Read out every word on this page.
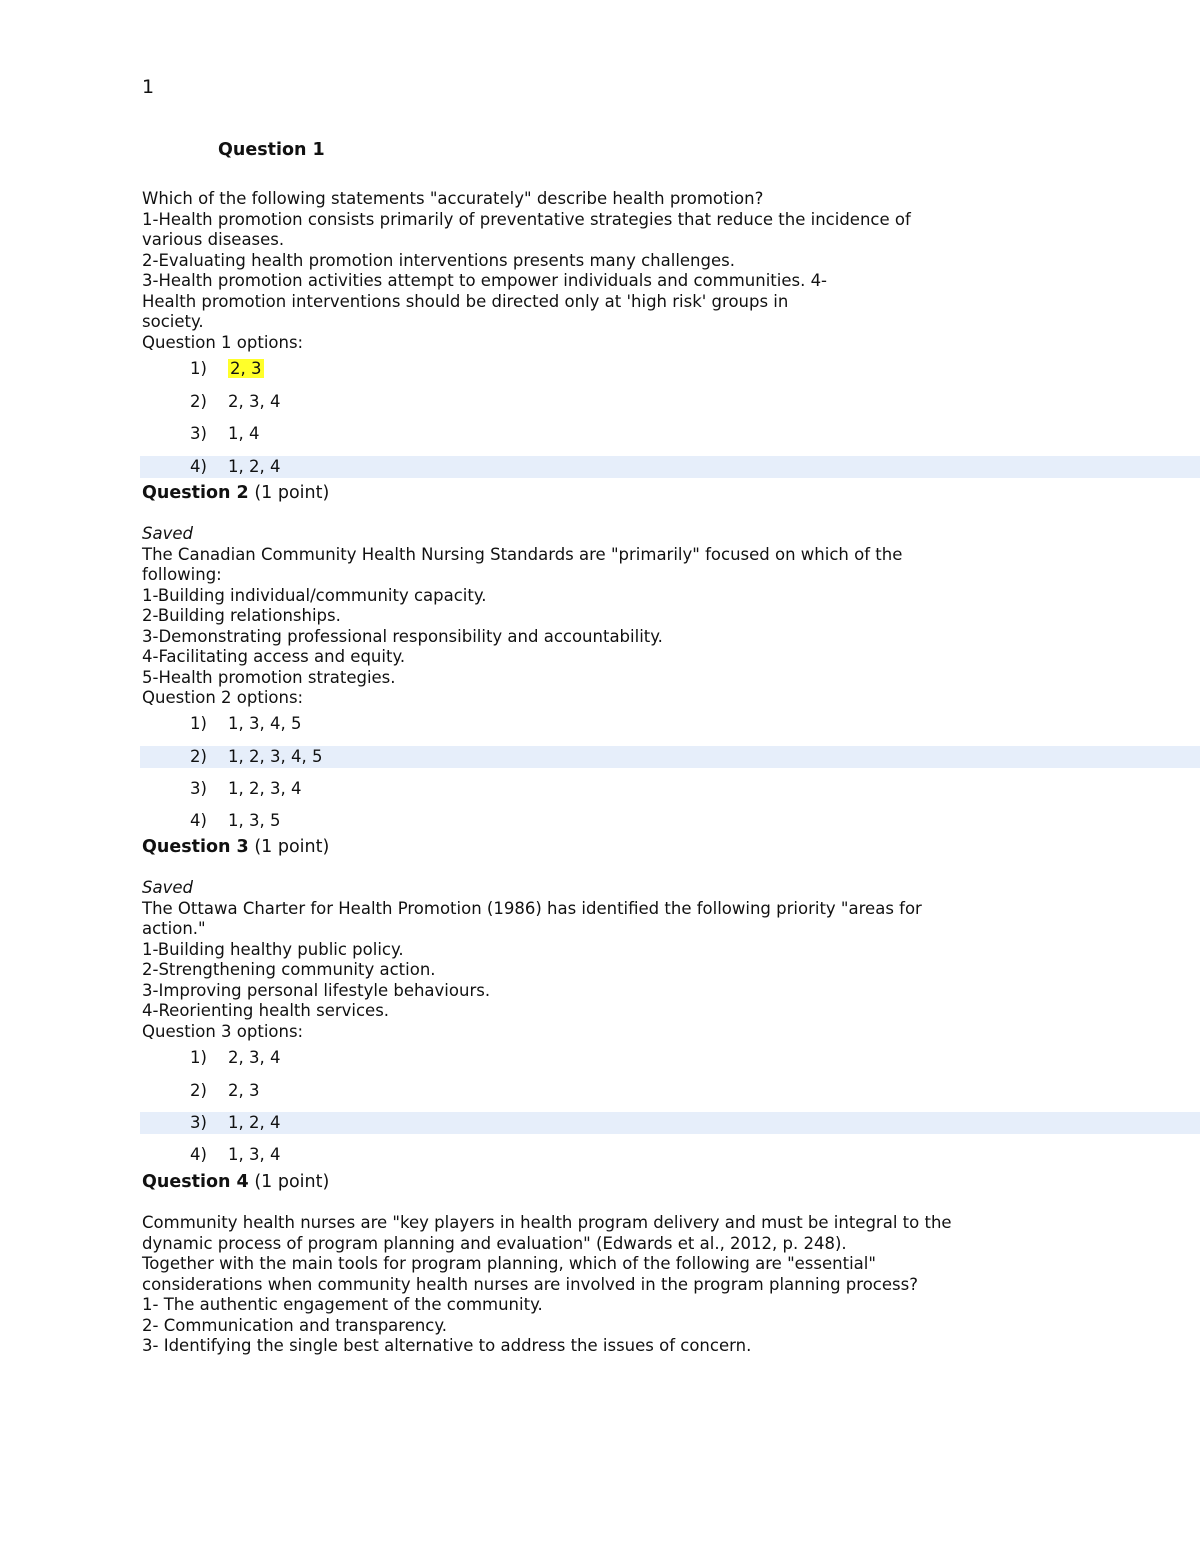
1
Question 1
Which of the following statements "accurately" describe health promotion?
1-Health promotion consists primarily of preventative strategies that reduce the incidence of
various diseases.
2-Evaluating health promotion interventions presents many challenges.
3-Health promotion activities attempt to empower individuals and communities. 4-
Health promotion interventions should be directed only at 'high risk' groups in
society.
Question 1 options:
1) 2, 3
2) 2, 3, 4
3) 1, 4
4) 1, 2, 4
Question 2 (1 point)
Saved
The Canadian Community Health Nursing Standards are "primarily" focused on which of the
following:
1-Building individual/community capacity.
2-Building relationships.
3-Demonstrating professional responsibility and accountability.
4-Facilitating access and equity.
5-Health promotion strategies.
Question 2 options:
1) 1, 3, 4, 5
2) 1, 2, 3, 4, 5
3) 1, 2, 3, 4
4) 1, 3, 5
Question 3 (1 point)
Saved
The Ottawa Charter for Health Promotion (1986) has identified the following priority "areas for
action."
1-Building healthy public policy.
2-Strengthening community action.
3-Improving personal lifestyle behaviours.
4-Reorienting health services.
Question 3 options:
1) 2, 3, 4
2) 2, 3
3) 1, 2, 4
4) 1, 3, 4
Question 4 (1 point)
Community health nurses are "key players in health program delivery and must be integral to the
dynamic process of program planning and evaluation" (Edwards et al., 2012, p. 248).
Together with the main tools for program planning, which of the following are "essential"
considerations when community health nurses are involved in the program planning process?
1- The authentic engagement of the community.
2- Communication and transparency.
3- Identifying the single best alternative to address the issues of concern.
